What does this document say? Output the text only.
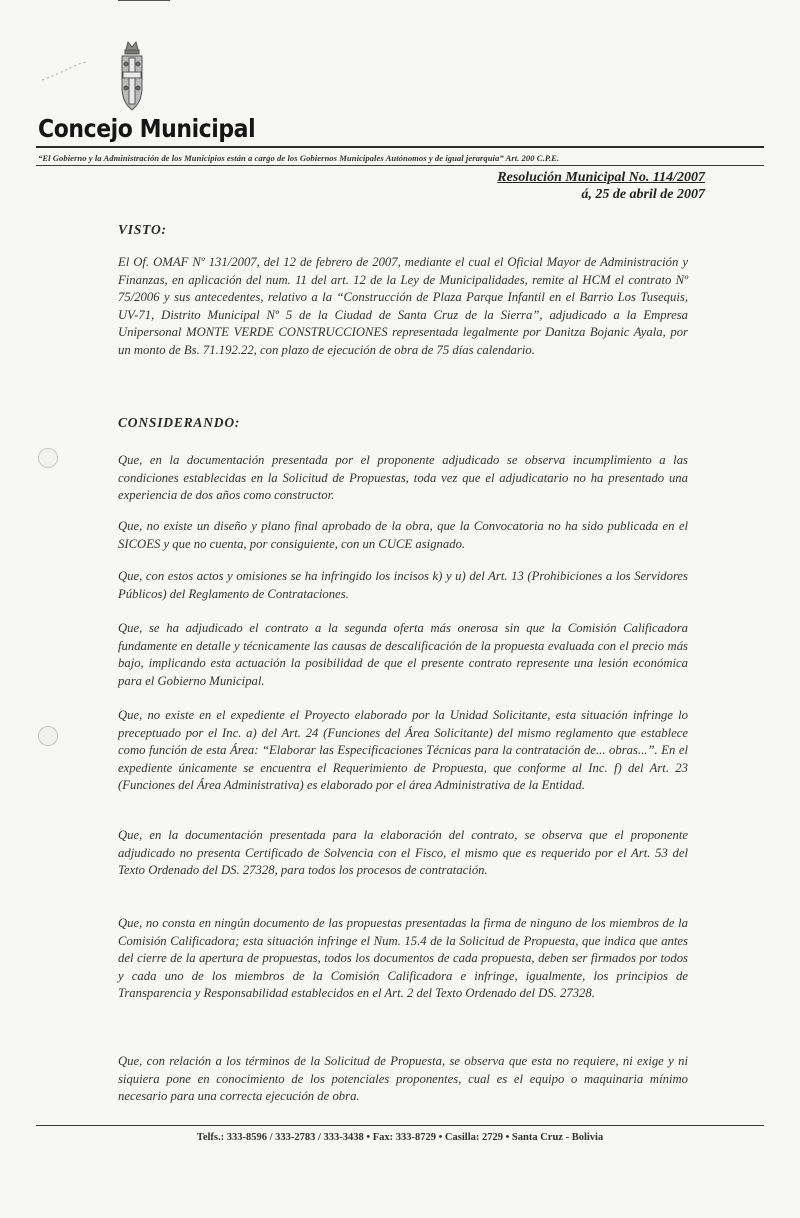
Concejo Municipal
“El Gobierno y la Administración de los Municipios están a cargo de los Gobiernos Municipales Autónomos y de igual jerarquía” Art. 200 C.P.E.
Resolución Municipal No. 114/2007
á, 25 de abril de 2007
VISTO:

El Of. OMAF Nº 131/2007, del 12 de febrero de 2007, mediante el cual el Oficial Mayor de Administración y Finanzas, en aplicación del num. 11 del art. 12 de la Ley de Municipalidades, remite al HCM el contrato Nº 75/2006 y sus antecedentes, relativo a la “Construcción de Plaza Parque Infantil en el Barrio Los Tusequis, UV-71, Distrito Municipal Nº 5 de la Ciudad de Santa Cruz de la Sierra”, adjudicado a la Empresa Unipersonal MONTE VERDE CONSTRUCCIONES representada legalmente por Danitza Bojanic Ayala, por un monto de Bs. 71.192.22, con plazo de ejecución de obra de 75 días calendario.

CONSIDERANDO:

Que, en la documentación presentada por el proponente adjudicado se observa incumplimiento a las condiciones establecidas en la Solicitud de Propuestas, toda vez que el adjudicatario no ha presentado una experiencia de dos años como constructor.

Que, no existe un diseño y plano final aprobado de la obra, que la Convocatoria no ha sido publicada en el SICOES y que no cuenta, por consiguiente, con un CUCE asignado.

Que, con estos actos y omisiones se ha infringido los incisos k) y u) del Art. 13 (Prohibiciones a los Servidores Públicos) del Reglamento de Contrataciones.

Que, se ha adjudicado el contrato a la segunda oferta más onerosa sin que la Comisión Calificadora fundamente en detalle y técnicamente las causas de descalificación de la propuesta evaluada con el precio más bajo, implicando esta actuación la posibilidad de que el presente contrato represente una lesión económica para el Gobierno Municipal.

Que, no existe en el expediente el Proyecto elaborado por la Unidad Solicitante, esta situación infringe lo preceptuado por el Inc. a) del Art. 24 (Funciones del Área Solicitante) del mismo reglamento que establece como función de esta Área: “Elaborar las Especificaciones Técnicas para la contratación de... obras...”. En el expediente únicamente se encuentra el Requerimiento de Propuesta, que conforme al Inc. f) del Art. 23 (Funciones del Área Administrativa) es elaborado por el área Administrativa de la Entidad.

Que, en la documentación presentada para la elaboración del contrato, se observa que el proponente adjudicado no presenta Certificado de Solvencia con el Fisco, el mismo que es requerido por el Art. 53 del Texto Ordenado del DS. 27328, para todos los procesos de contratación.

Que, no consta en ningún documento de las propuestas presentadas la firma de ninguno de los miembros de la Comisión Calificadora; esta situación infringe el Num. 15.4 de la Solicitud de Propuesta, que indica que antes del cierre de la apertura de propuestas, todos los documentos de cada propuesta, deben ser firmados por todos y cada uno de los miembros de la Comisión Calificadora e infringe, igualmente, los principios de Transparencia y Responsabilidad establecidos en el Art. 2 del Texto Ordenado del DS. 27328.

Que, con relación a los términos de la Solicitud de Propuesta, se observa que esta no requiere, ni exige y ni siquiera pone en conocimiento de los potenciales proponentes, cual es el equipo o maquinaria mínimo necesario para una correcta ejecución de obra.

Telfs.: 333-8596 / 333-2783 / 333-3438 • Fax: 333-8729 • Casilla: 2729 • Santa Cruz - Bolivia
